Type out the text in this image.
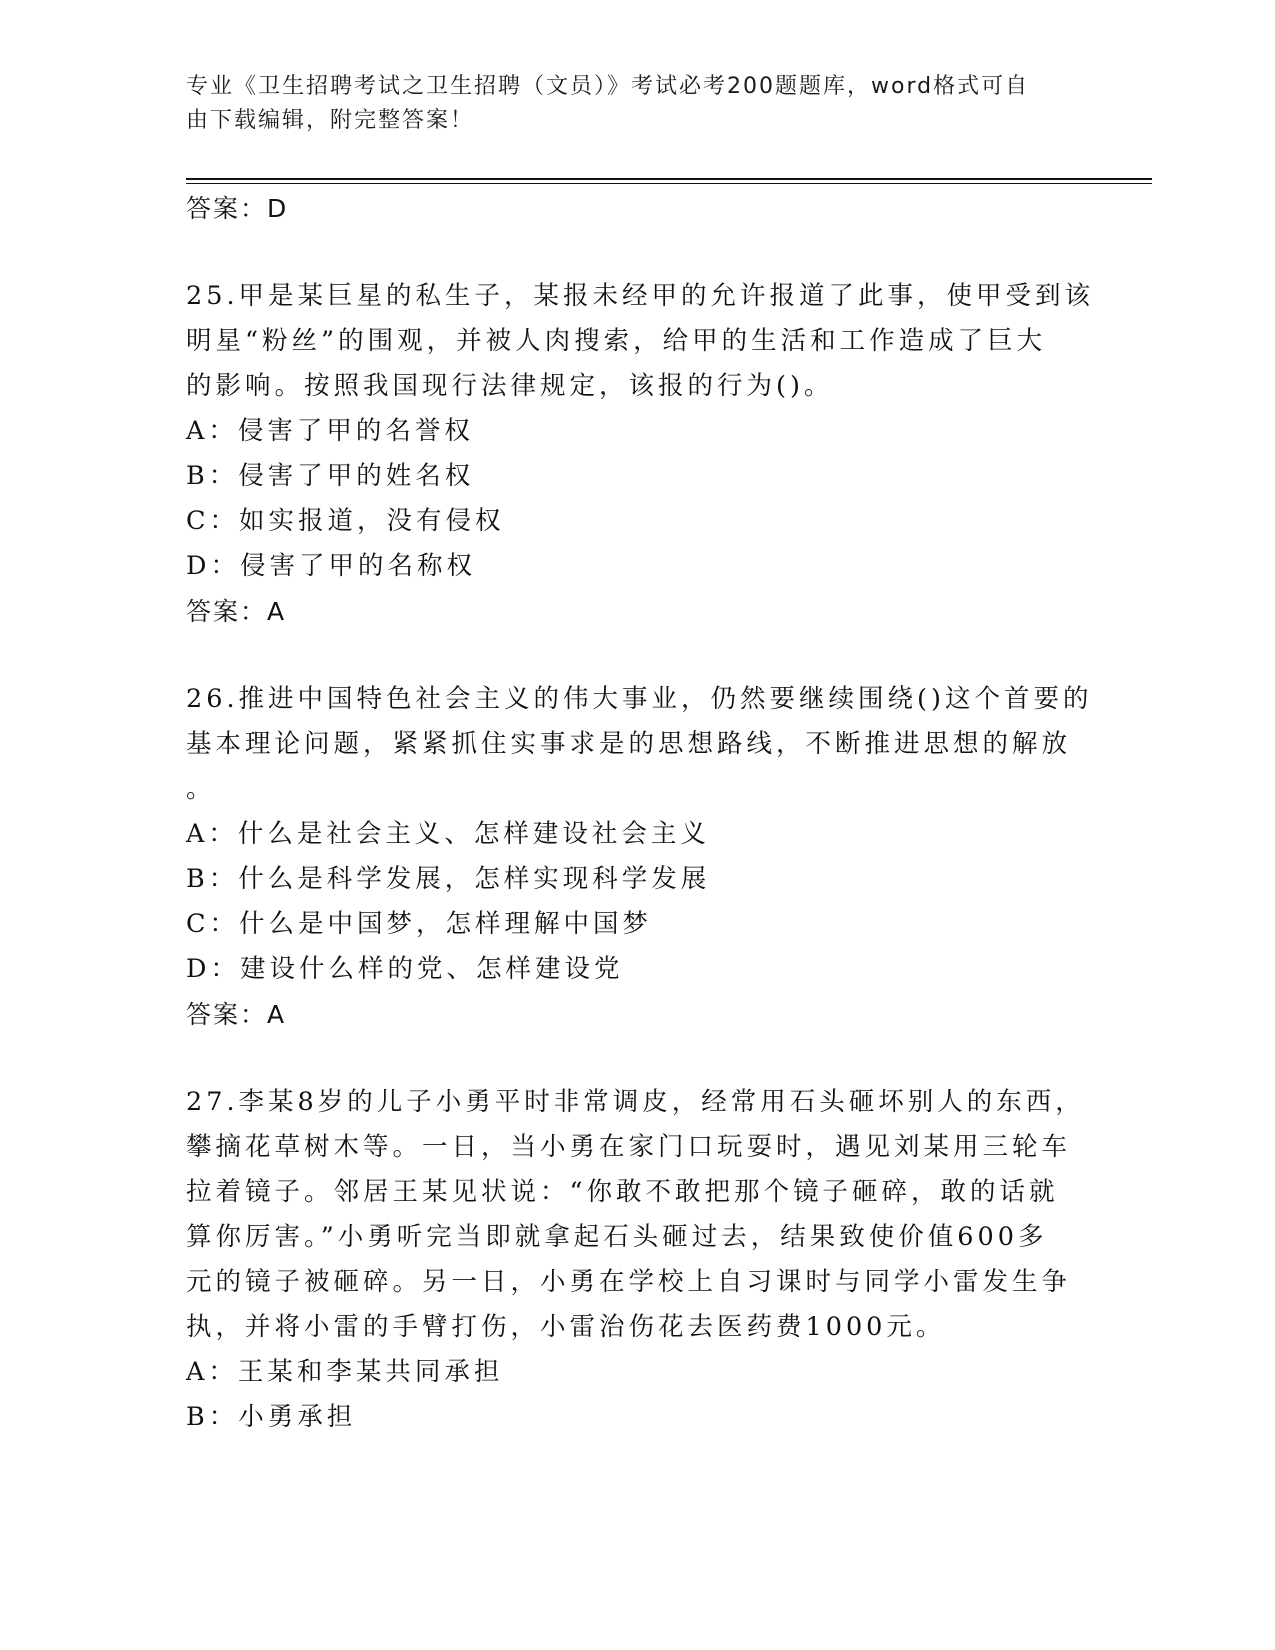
专业《卫生招聘考试之卫生招聘（文员）》考试必考200题题库，word格式可自
由下载编辑，附完整答案！
答案：D
25.甲是某巨星的私生子，某报未经甲的允许报道了此事，使甲受到该
明星“粉丝”的围观，并被人肉搜索，给甲的生活和工作造成了巨大
的影响。按照我国现行法律规定，该报的行为()。
A：侵害了甲的名誉权
B：侵害了甲的姓名权
C：如实报道，没有侵权
D：侵害了甲的名称权
答案：A
26.推进中国特色社会主义的伟大事业，仍然要继续围绕()这个首要的
基本理论问题，紧紧抓住实事求是的思想路线，不断推进思想的解放
。
A：什么是社会主义、怎样建设社会主义
B：什么是科学发展，怎样实现科学发展
C：什么是中国梦，怎样理解中国梦
D：建设什么样的党、怎样建设党
答案：A
27.李某8岁的儿子小勇平时非常调皮，经常用石头砸坏别人的东西，
攀摘花草树木等。一日，当小勇在家门口玩耍时，遇见刘某用三轮车
拉着镜子。邻居王某见状说：“你敢不敢把那个镜子砸碎，敢的话就
算你厉害。”小勇听完当即就拿起石头砸过去，结果致使价值600多
元的镜子被砸碎。另一日，小勇在学校上自习课时与同学小雷发生争
执，并将小雷的手臂打伤，小雷治伤花去医药费1000元。
A：王某和李某共同承担
B：小勇承担
